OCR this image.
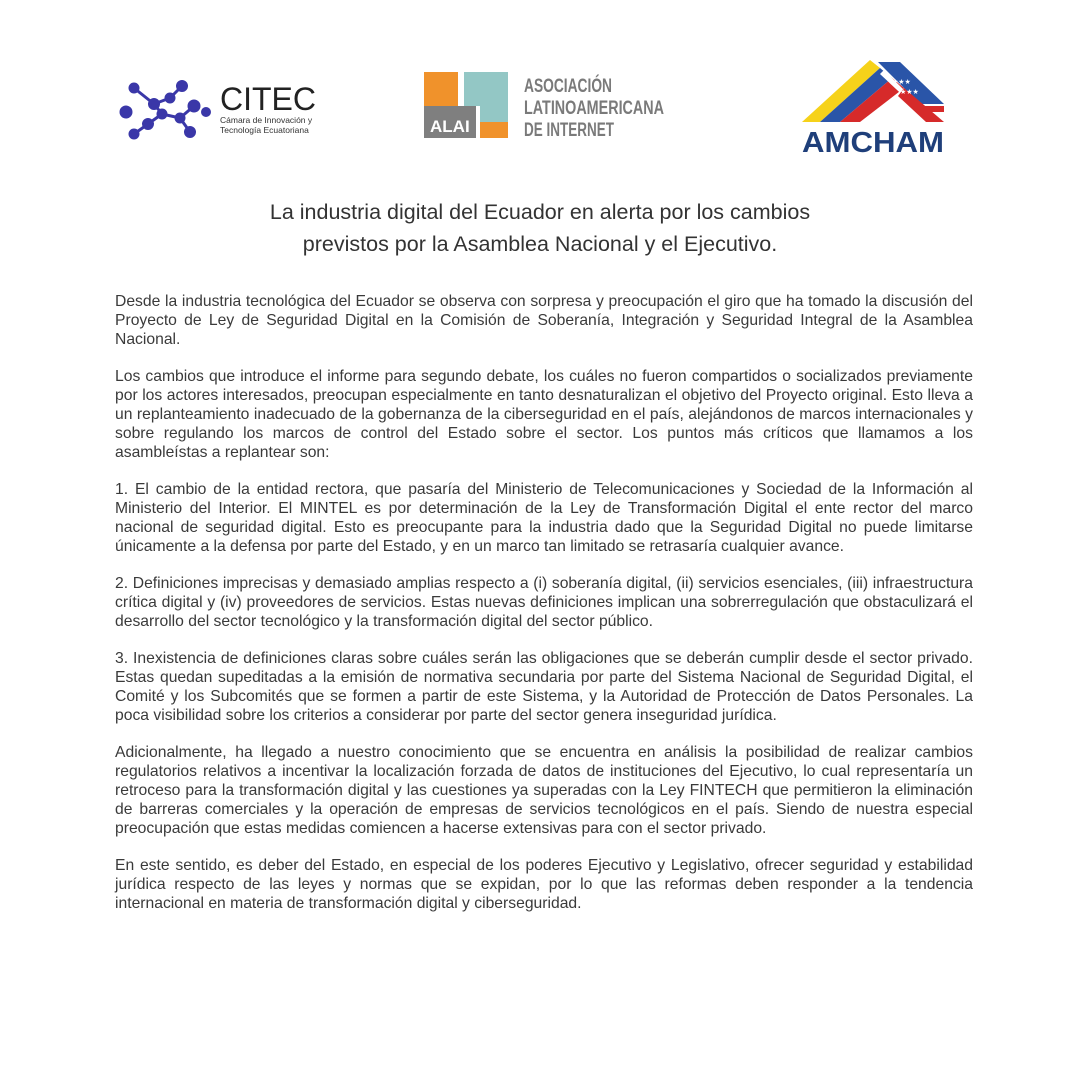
CITEC
Cámara de Innovación y
Tecnología Ecuatoriana	ALAI
ASOCIACIÓN
LATINOAMERICANA
DE INTERNET
★★★
★★★
AMCHAM
La industria digital del Ecuador en alerta por los cambios
previstos por la Asamblea Nacional y el Ejecutivo.

Desde la industria tecnológica del Ecuador se observa con sorpresa y preocupación el giro que ha tomado la discusión del Proyecto de Ley de Seguridad Digital en la Comisión de Soberanía, Integración y Seguridad Integral de la Asamblea Nacional.

Los cambios que introduce el informe para segundo debate, los cuáles no fueron compartidos o socializados previamente por los actores interesados, preocupan especialmente en tanto desnaturalizan el objetivo del Proyecto original. Esto lleva a un replanteamiento inadecuado de la gobernanza de la ciberseguridad en el país, alejándonos de marcos internacionales y sobre regulando los marcos de control del Estado sobre el sector. Los puntos más críticos que llamamos a los asambleístas a replantear son:

1. El cambio de la entidad rectora, que pasaría del Ministerio de Telecomunicaciones y Sociedad de la Información al Ministerio del Interior. El MINTEL es por determinación de la Ley de Transformación Digital el ente rector del marco nacional de seguridad digital. Esto es preocupante para la industria dado que la Seguridad Digital no puede limitarse únicamente a la defensa por parte del Estado, y en un marco tan limitado se retrasaría cualquier avance.

2. Definiciones imprecisas y demasiado amplias respecto a (i) soberanía digital, (ii) servicios esenciales, (iii) infraestructura crítica digital y (iv) proveedores de servicios. Estas nuevas definiciones implican una sobrerregulación que obstaculizará el desarrollo del sector tecnológico y la transformación digital del sector público.

3. Inexistencia de definiciones claras sobre cuáles serán las obligaciones que se deberán cumplir desde el sector privado. Estas quedan supeditadas a la emisión de normativa secundaria por parte del Sistema Nacional de Seguridad Digital, el Comité y los Subcomités que se formen a partir de este Sistema, y la Autoridad de Protección de Datos Personales. La poca visibilidad sobre los criterios a considerar por parte del sector genera inseguridad jurídica.

Adicionalmente, ha llegado a nuestro conocimiento que se encuentra en análisis la posibilidad de realizar cambios regulatorios relativos a incentivar la localización forzada de datos de instituciones del Ejecutivo, lo cual representaría un retroceso para la transformación digital y las cuestiones ya superadas con la Ley FINTECH que permitieron la eliminación de barreras comerciales y la operación de empresas de servicios tecnológicos en el país. Siendo de nuestra especial preocupación que estas medidas comiencen a hacerse extensivas para con el sector privado.

En este sentido, es deber del Estado, en especial de los poderes Ejecutivo y Legislativo, ofrecer seguridad y estabilidad jurídica respecto de las leyes y normas que se expidan, por lo que las reformas deben responder a la tendencia internacional en materia de transformación digital y ciberseguridad.
